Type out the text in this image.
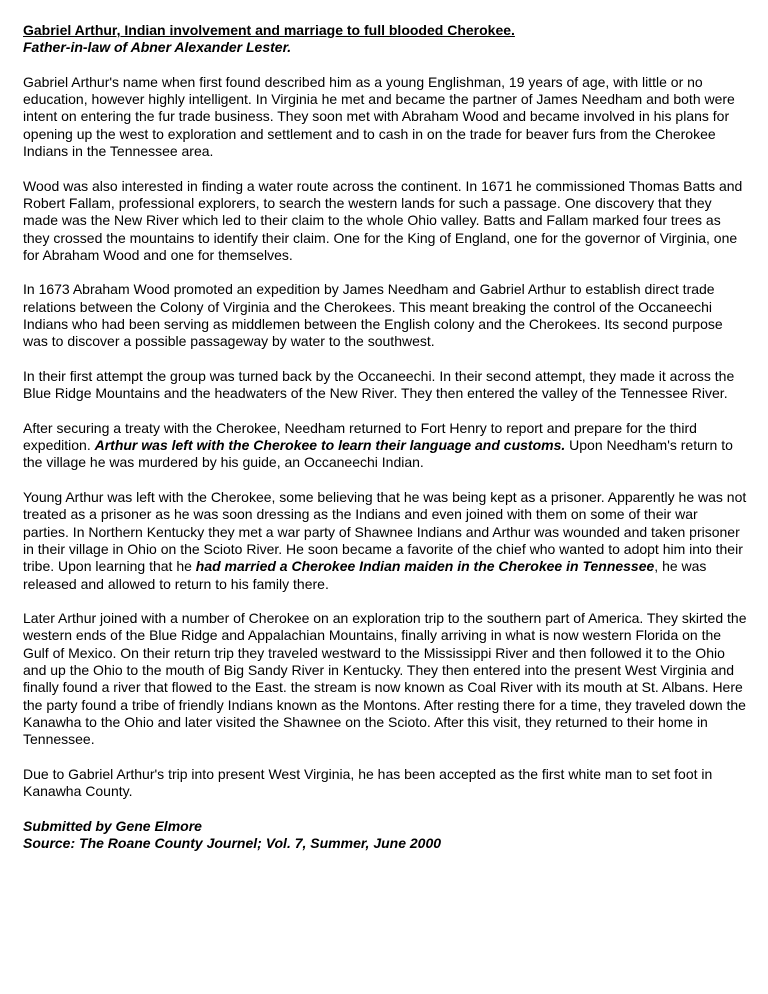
Gabriel Arthur, Indian involvement and marriage to full blooded Cherokee.
Father-in-law of Abner Alexander Lester.

Gabriel Arthur's name when first found described him as a young Englishman, 19 years of age, with little or no education, however highly intelligent. In Virginia he met and became the partner of James Needham and both were intent on entering the fur trade business. They soon met with Abraham Wood and became involved in his plans for opening up the west to exploration and settlement and to cash in on the trade for beaver furs from the Cherokee Indians in the Tennessee area.

Wood was also interested in finding a water route across the continent. In 1671 he commissioned Thomas Batts and Robert Fallam, professional explorers, to search the western lands for such a passage. One discovery that they made was the New River which led to their claim to the whole Ohio valley. Batts and Fallam marked four trees as they crossed the mountains to identify their claim. One for the King of England, one for the governor of Virginia, one for Abraham Wood and one for themselves.

In 1673 Abraham Wood promoted an expedition by James Needham and Gabriel Arthur to establish direct trade relations between the Colony of Virginia and the Cherokees. This meant breaking the control of the Occaneechi Indians who had been serving as middlemen between the English colony and the Cherokees. Its second purpose was to discover a possible passageway by water to the southwest.

In their first attempt the group was turned back by the Occaneechi. In their second attempt, they made it across the Blue Ridge Mountains and the headwaters of the New River. They then entered the valley of the Tennessee River.

After securing a treaty with the Cherokee, Needham returned to Fort Henry to report and prepare for the third expedition. Arthur was left with the Cherokee to learn their language and customs. Upon Needham's return to the village he was murdered by his guide, an Occaneechi Indian.

Young Arthur was left with the Cherokee, some believing that he was being kept as a prisoner. Apparently he was not treated as a prisoner as he was soon dressing as the Indians and even joined with them on some of their war parties. In Northern Kentucky they met a war party of Shawnee Indians and Arthur was wounded and taken prisoner in their village in Ohio on the Scioto River. He soon became a favorite of the chief who wanted to adopt him into their tribe. Upon learning that he had married a Cherokee Indian maiden in the Cherokee in Tennessee, he was released and allowed to return to his family there.

Later Arthur joined with a number of Cherokee on an exploration trip to the southern part of America. They skirted the western ends of the Blue Ridge and Appalachian Mountains, finally arriving in what is now western Florida on the Gulf of Mexico. On their return trip they traveled westward to the Mississippi River and then followed it to the Ohio and up the Ohio to the mouth of Big Sandy River in Kentucky. They then entered into the present West Virginia and finally found a river that flowed to the East. the stream is now known as Coal River with its mouth at St. Albans. Here the party found a tribe of friendly Indians known as the Montons. After resting there for a time, they traveled down the Kanawha to the Ohio and later visited the Shawnee on the Scioto. After this visit, they returned to their home in Tennessee.

Due to Gabriel Arthur's trip into present West Virginia, he has been accepted as the first white man to set foot in Kanawha County.

Submitted by Gene Elmore
Source: The Roane County Journel; Vol. 7, Summer, June 2000
